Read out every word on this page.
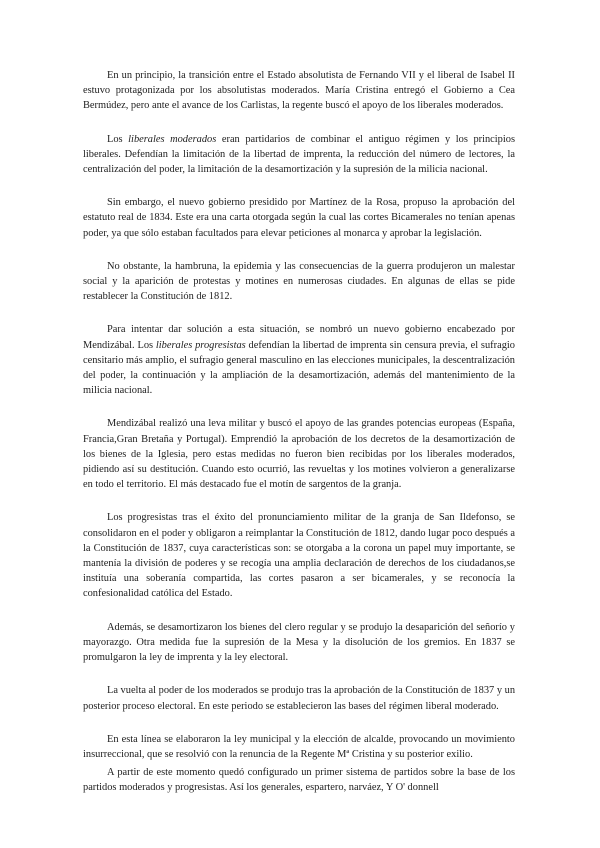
En un principio, la transición entre el Estado absolutista de Fernando VII y el liberal de Isabel II estuvo protagonizada por los absolutistas moderados. María Cristina entregó el Gobierno a Cea Bermúdez, pero ante el avance de los Carlistas, la regente buscó el apoyo de los liberales moderados.

Los liberales moderados eran partidarios de combinar el antiguo régimen y los principios liberales. Defendían la limitación de la libertad de imprenta, la reducción del número de lectores, la centralización del poder, la limitación de la desamortización y la supresión de la milicia nacional.

Sin embargo, el nuevo gobierno presidido por Martínez de la Rosa, propuso la aprobación del estatuto real de 1834. Este era una carta otorgada según la cual las cortes Bicamerales no tenían apenas poder, ya que sólo estaban facultados para elevar peticiones al monarca y aprobar la legislación.

No obstante, la hambruna, la epidemia y las consecuencias de la guerra produjeron un malestar social y la aparición de protestas y motines en numerosas ciudades. En algunas de ellas se pide restablecer la Constitución de 1812.

Para intentar dar solución a esta situación, se nombró un nuevo gobierno encabezado por Mendizábal. Los liberales progresistas defendían la libertad de imprenta sin censura previa, el sufragio censitario más amplio, el sufragio general masculino en las elecciones municipales, la descentralización del poder, la continuación y la ampliación de la desamortización, además del mantenimiento de la milicia nacional.

Mendizábal realizó una leva militar y buscó el apoyo de las grandes potencias europeas (España, Francia,Gran Bretaña y Portugal). Emprendió la aprobación de los decretos de la desamortización de los bienes de la Iglesia, pero estas medidas no fueron bien recibidas por los liberales moderados, pidiendo así su destitución. Cuando esto ocurrió, las revueltas y los motines volvieron a generalizarse en todo el territorio. El más destacado fue el motín de sargentos de la granja.

Los progresistas tras el éxito del pronunciamiento militar de la granja de San Ildefonso, se consolidaron en el poder y obligaron a reimplantar la Constitución de 1812, dando lugar poco después a la Constitución de 1837, cuya características son: se otorgaba a la corona un papel muy importante, se mantenía la división de poderes y se recogía una amplia declaración de derechos de los ciudadanos,se instituía una soberanía compartida, las cortes pasaron a ser bicamerales, y se reconocía la confesionalidad católica del Estado.

Además, se desamortizaron los bienes del clero regular y se produjo la desaparición del señorío y mayorazgo. Otra medida fue la supresión de la Mesa y la disolución de los gremios. En 1837 se promulgaron la ley de imprenta y la ley electoral.

La vuelta al poder de los moderados se produjo tras la aprobación de la Constitución de 1837 y un posterior proceso electoral. En este periodo se establecieron las bases del régimen liberal moderado.

En esta línea se elaboraron la ley municipal y la elección de alcalde, provocando un movimiento insurreccional, que se resolvió con la renuncia de la Regente Mª Cristina y su posterior exilio.

A partir de este momento quedó configurado un primer sistema de partidos sobre la base de los partidos moderados y progresistas. Así los generales, espartero, narváez, Y O' donnell
